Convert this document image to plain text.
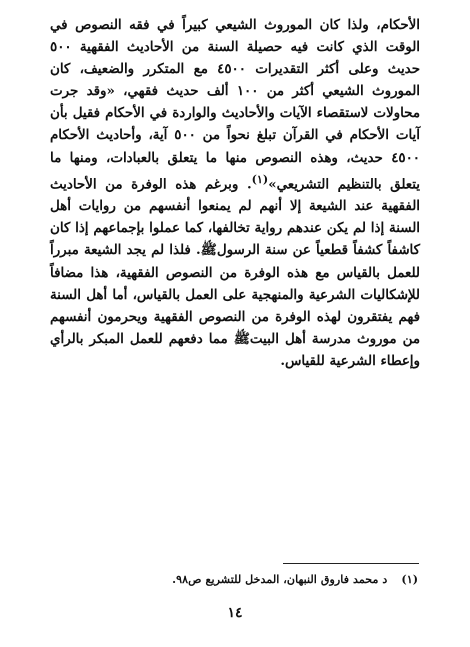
الأحكام، ولذا كان الموروث الشيعي كبيراً في فقه النصوص في الوقت الذي كانت فيه حصيلة السنة من الأحاديث الفقهية ٥٠٠ حديث وعلى أكثر التقديرات ٤٥٠٠ مع المتكرر والضعيف، كان الموروث الشيعي أكثر من ١٠٠ ألف حديث فقهي، «وقد جرت محاولات لاستقصاء الآيات والأحاديث والواردة في الأحكام فقيل بأن آيات الأحكام في القرآن تبلغ نحواً من ٥٠٠ آية، وأحاديث الأحكام ٤٥٠٠ حديث، وهذه النصوص منها ما يتعلق بالعبادات، ومنها ما يتعلق بالتنظيم التشريعي»$^{(١)}$. وبرغم هذه الوفرة من الأحاديث الفقهية عند الشيعة إلا أنهم لم يمنعوا أنفسهم من روايات أهل السنة إذا لم يكن عندهم رواية تخالفها، كما عملوا بإجماعهم إذا كان كاشفاً كشفاً قطعياً عن سنة الرسولﷺ. فلذا لم يجد الشيعة مبرراً للعمل بالقياس مع هذه الوفرة من النصوص الفقهية، هذا مضافاً للإشكاليات الشرعية والمنهجية على العمل بالقياس، أما أهل السنة فهم يفتقرون لهذه الوفرة من النصوص الفقهية ويحرمون أنفسهم من موروث مدرسة أهل البيتﷺ مما دفعهم للعمل المبكر بالرأي وإعطاء الشرعية للقياس.

(١)د محمد فاروق النبهان، المدخل للتشريع ص٩٨.

١٤
